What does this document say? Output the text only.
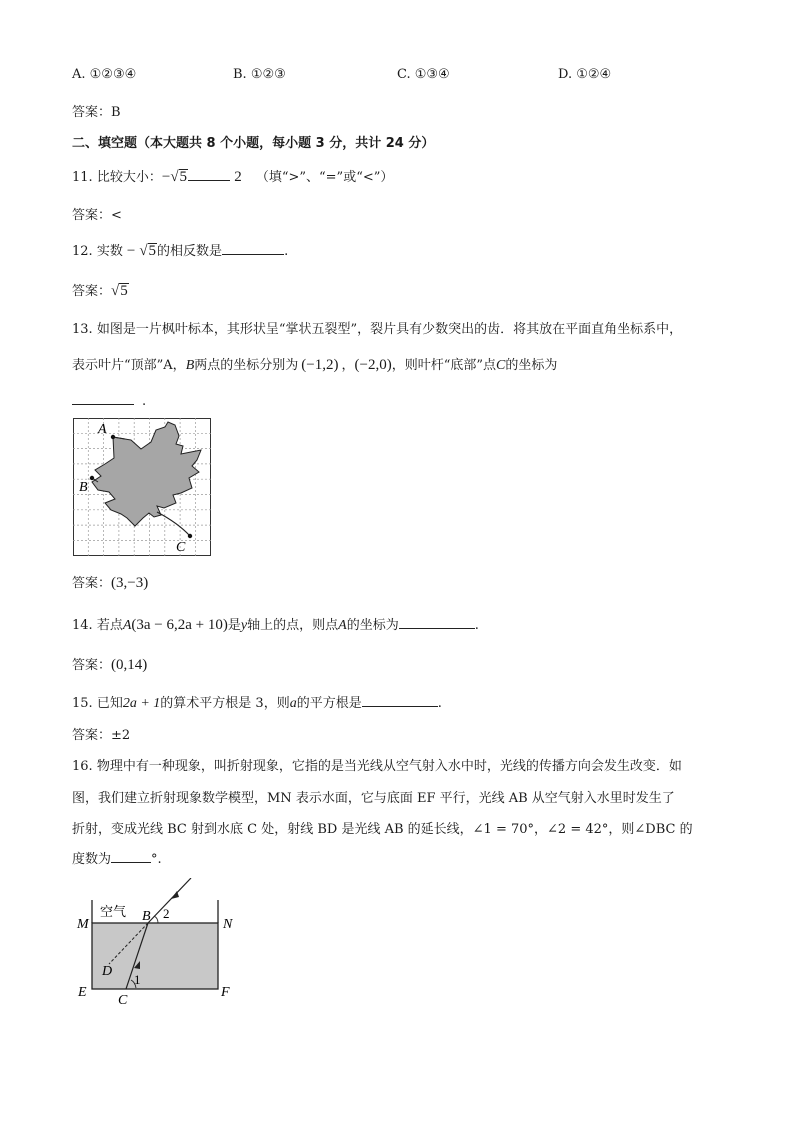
A. ①②③④	B. ①②③	C. ①③④	D. ①②④
答案：B
二、填空题（本大题共 8 个小题，每小题 3 分，共计 24 分）
11. 比较大小：−√5	2 （填“>”、“=”或“<”）
答案：<
12. 实数 − √5的相反数是	.
答案：√5
13. 如图是一片枫叶标本，其形状呈“掌状五裂型”，裂片具有少数突出的齿．将其放在平面直角坐标系中，
表示叶片“顶部”A，B两点的坐标分别为 (−1,2) ，(−2,0)，则叶杆“底部”点C的坐标为
.
A
B
C
答案：(3,−3)
14. 若点A(3a − 6,2a + 10)是y轴上的点，则点A的坐标为	.
答案：(0,14)
15. 已知2a + 1的算术平方根是 3，则a的平方根是	.
答案：±2
16. 物理中有一种现象，叫折射现象，它指的是当光线从空气射入水中时，光线的传播方向会发生改变．如
图，我们建立折射现象数学模型，MN 表示水面，它与底面 EF 平行，光线 AB 从空气射入水里时发生了
折射，变成光线 BC 射到水底 C 处，射线 BD 是光线 AB 的延长线，∠1 = 70°，∠2 = 42°，则∠DBC 的
度数为	°.
空气
M	N
B 2
D
1
E	F
C
